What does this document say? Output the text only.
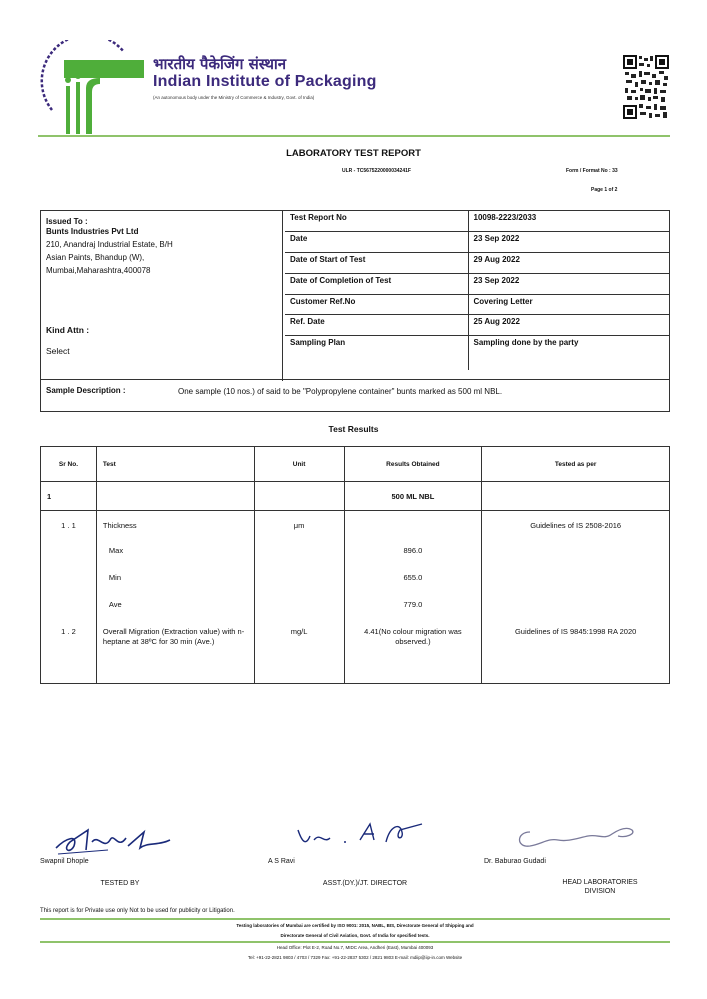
भारतीय पैकेजिंग संस्थान
Indian Institute of Packaging
(An autonomous body under the Ministry of Commerce & Industry, Govt. of India)
LABORATORY TEST REPORT
ULR - TC5675220000034241F	Form / Format No : 33
Page 1 of 2
Issued To :
Bunts Industries Pvt Ltd
210, Anandraj Industrial Estate, B/H
Asian Paints, Bhandup (W),
Mumbai,Maharashtra,400078
Kind Attn :
Select
Test Report No	10098-2223/2033
Date	23 Sep 2022
Date of Start of Test	29 Aug 2022
Date of Completion of Test	23 Sep 2022
Customer Ref.No	Covering Letter
Ref. Date	25 Aug 2022
Sampling Plan	Sampling done by the party
Sample Description :	One sample (10 nos.) of said to be "Polypropylene container" bunts marked as 500 ml NBL.
Test Results
Sr No.	Test	Unit	Results Obtained	Tested as per
1			500 ML NBL	
1 . 1	Thickness	μm		Guidelines of IS 2508-2016
	Max		896.0	
	Min		655.0	
	Ave		779.0	
1 . 2	Overall Migration (Extraction value) with n-heptane at 38ºC for 30 min (Ave.)	mg/L	4.41(No colour migration was observed.)	Guidelines of IS 9845:1998 RA 2020
Swapnil Dhople	A S Ravi	Dr. Baburao Gudadi
TESTED BY	ASST.(DY.)/JT. DIRECTOR	HEAD LABORATORIES DIVISION
This report is for Private use only Not to be used for publicity or Litigation.
Testing laboratories of Mumbai are certified by ISO 9001: 2015, NABL, BIS, Directorate General of Shipping and
Directorate General of Civil Aviation, Govt. of India for specified tests.
Head Office: Plot E-2, Road No.7, MIDC Area, Andheri (East), Mumbai 400093
Tel: +91-22-2821 9803 / 4703 / 7329 Fax: +91-22-2837 5302 / 2821 9803 E-mail: mdiip@iip-in.com Website
